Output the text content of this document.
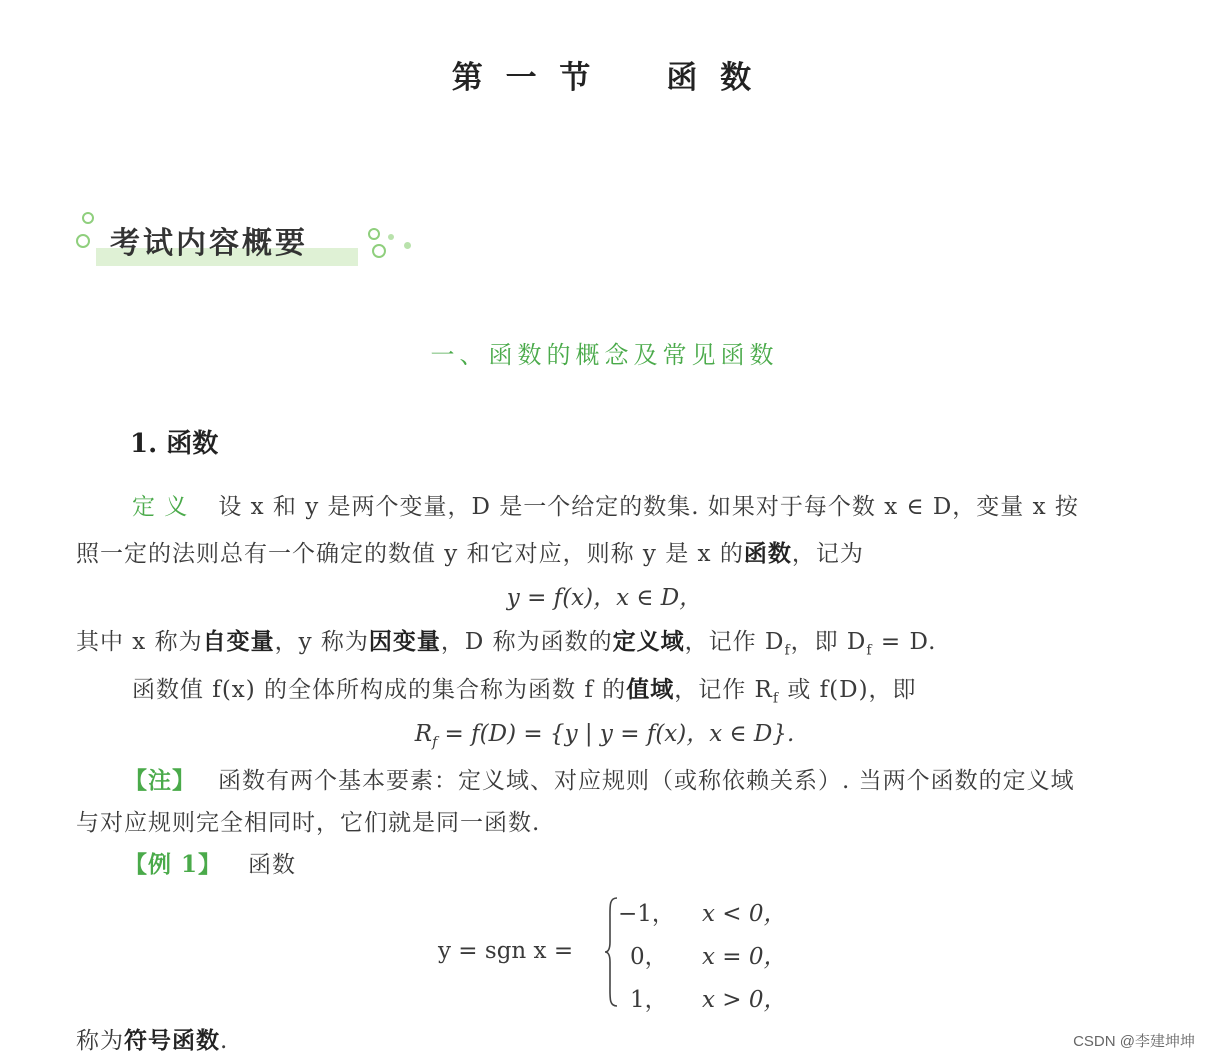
第 一 节 函 数
考试内容概要
一、函数的概念及常见函数
1. 函数
定 义 设 x 和 y 是两个变量，D 是一个给定的数集. 如果对于每个数 x ∈ D，变量 x 按
照一定的法则总有一个确定的数值 y 和它对应，则称 y 是 x 的函数，记为
y = f(x)，x ∈ D，
其中 x 称为自变量，y 称为因变量，D 称为函数的定义域，记作 $D_f$，即 $D_f = D$.
函数值 f(x) 的全体所构成的集合称为函数 f 的值域，记作 $R_f$ 或 f(D)，即
$R_f = f(D) = \{y$ | y = f(x)，x ∈ D}.
【注】 函数有两个基本要素：定义域、对应规则（或称依赖关系）. 当两个函数的定义域
与对应规则完全相同时，它们就是同一函数.
【例 1】 函数
y = sgn x =
−1， x < 0，
0， x = 0，
1， x > 0，
称为符号函数.	CSDN @李建坤坤
